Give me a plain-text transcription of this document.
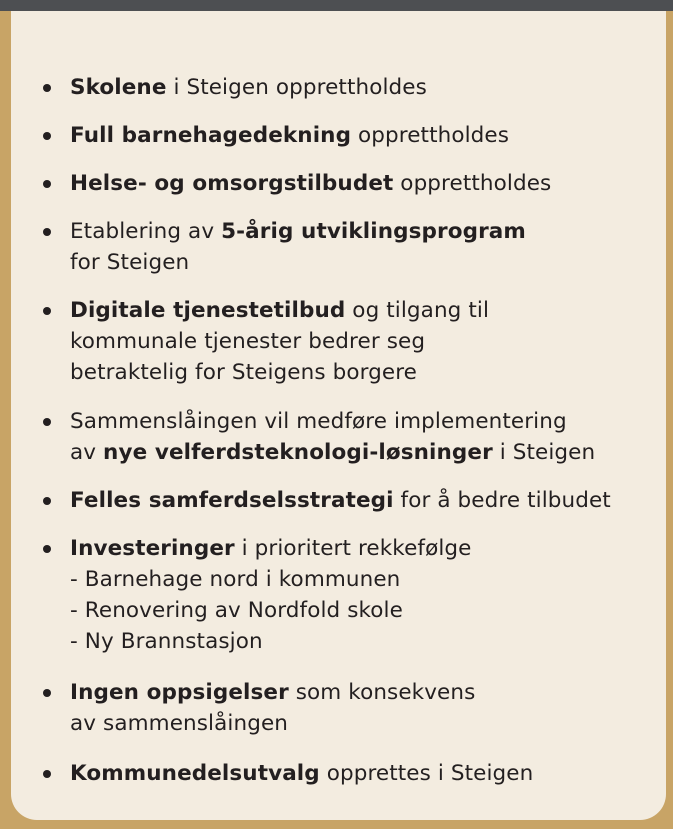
Skolene i Steigen opprettholdes
Full barnehagedekning opprettholdes
Helse- og omsorgstilbudet opprettholdes
Etablering av 5-årig utviklingsprogram
for Steigen
Digitale tjenestetilbud og tilgang til
kommunale tjenester bedrer seg
betraktelig for Steigens borgere
Sammenslåingen vil medføre implementering
av nye velferdsteknologi-løsninger i Steigen
Felles samferdselsstrategi for å bedre tilbudet
Investeringer i prioritert rekkefølge
- Barnehage nord i kommunen
- Renovering av Nordfold skole
- Ny Brannstasjon
Ingen oppsigelser som konsekvens
av sammenslåingen
Kommunedelsutvalg opprettes i Steigen
